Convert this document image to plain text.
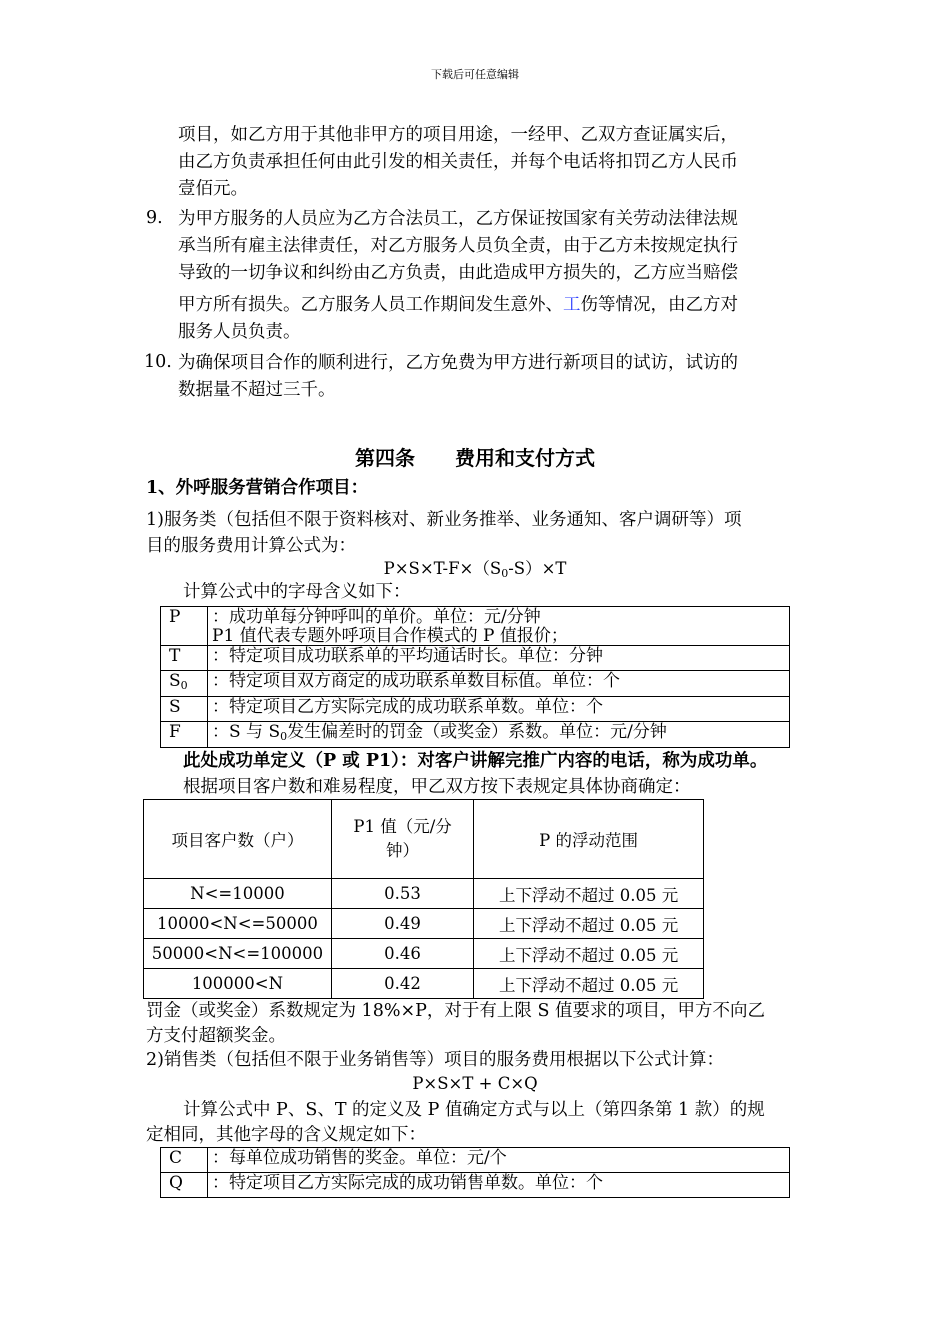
下载后可任意编辑
项目，如乙方用于其他非甲方的项目用途，一经甲、乙双方查证属实后，
由乙方负责承担任何由此引发的相关责任，并每个电话将扣罚乙方人民币
壹佰元。
9. 为甲方服务的人员应为乙方合法员工，乙方保证按国家有关劳动法律法规
承当所有雇主法律责任，对乙方服务人员负全责，由于乙方未按规定执行
导致的一切争议和纠纷由乙方负责，由此造成甲方损失的，乙方应当赔偿
甲方所有损失。乙方服务人员工作期间发生意外、工伤等情况，由乙方对
服务人员负责。
10. 为确保项目合作的顺利进行，乙方免费为甲方进行新项目的试访，试访的
数据量不超过三千。
第四条　　费用和支付方式
1、外呼服务营销合作项目：
1)服务类（包括但不限于资料核对、新业务推举、业务通知、客户调研等）项
目的服务费用计算公式为：
$P\times S\times T-F\times(S_0-S)\times T$
计算公式中的字母含义如下：
P	：成功单每分钟呼叫的单价。单位：元/分钟
P1 值代表专题外呼项目合作模式的 P 值报价；

T	：特定项目成功联系单的平均通话时长。单位：分钟
$S_0$	：特定项目双方商定的成功联系单数目标值。单位：个
S	：特定项目乙方实际完成的成功联系单数。单位：个
F	：S 与 $S_0$发生偏差时的罚金（或奖金）系数。单位：元/分钟
此处成功单定义（P 或 P1）：对客户讲解完推广内容的电话，称为成功单。
根据项目客户数和难易程度，甲乙双方按下表规定具体协商确定：
项目客户数（户）	P1 值（元/分
钟）	P 的浮动范围
N<=10000	0.53	上下浮动不超过 0.05 元
10000<N<=50000	0.49	上下浮动不超过 0.05 元
50000<N<=100000	0.46	上下浮动不超过 0.05 元
100000<N	0.42	上下浮动不超过 0.05 元
罚金（或奖金）系数规定为 18%×P，对于有上限 S 值要求的项目，甲方不向乙
方支付超额奖金。
2)销售类（包括但不限于业务销售等）项目的服务费用根据以下公式计算：
P×S×T + C×Q
计算公式中 P、S、T 的定义及 P 值确定方式与以上（第四条第 1 款）的规
定相同，其他字母的含义规定如下：
C	：每单位成功销售的奖金。单位：元/个
Q	：特定项目乙方实际完成的成功销售单数。单位：个
